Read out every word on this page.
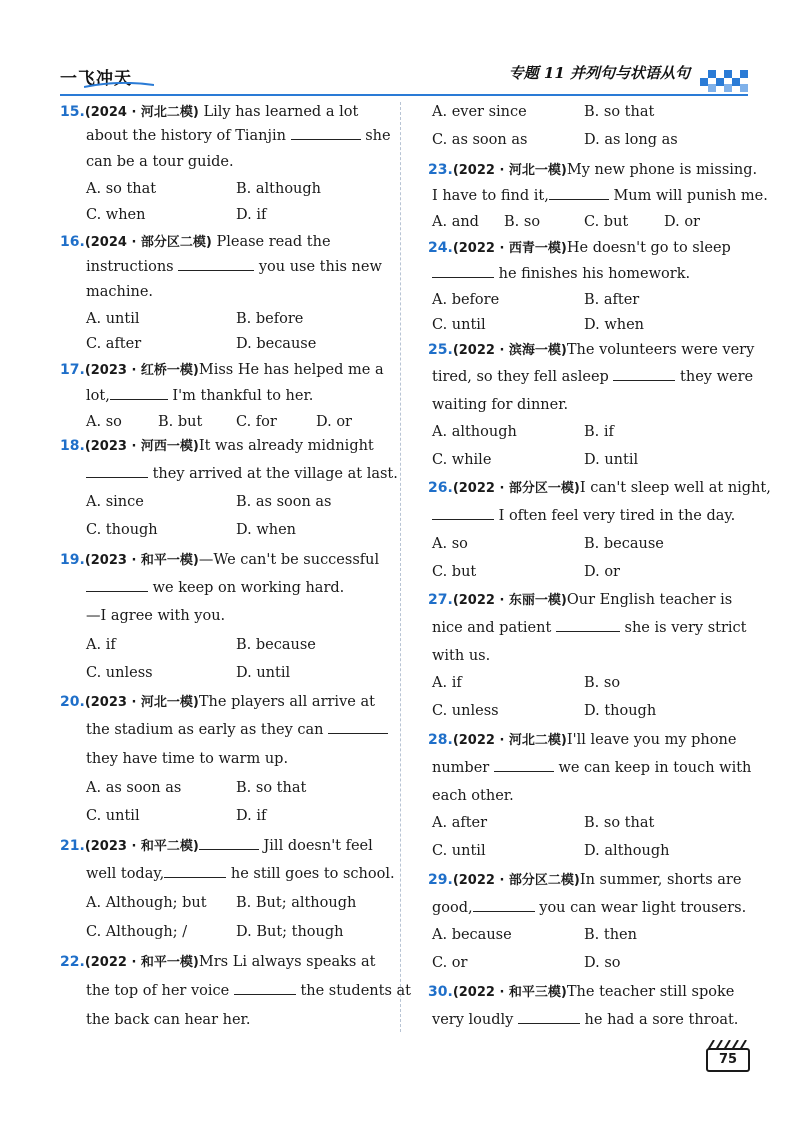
一飞冲天	专题 11 并列句与状语从句
15.(2024 · 河北二模) Lily has learned a lot
about the history of Tianjin	she
can be a tour guide.
A. so that	B. although
C. when	D. if
16.(2024 · 部分区二模) Please read the
instructions	you use this new
machine.
A. until	B. before
C. after	D. because
17.(2023 · 红桥一模)Miss He has helped me a
lot,	I'm thankful to her.
A. so B. but C. for	D. or
18.(2023 · 河西一模)It was already midnight
they arrived at the village at last.
A. since	B. as soon as
C. though	D. when
19.(2023 · 和平一模)—We can't be successful
we keep on working hard.
—I agree with you.
A. if	B. because
C. unless	D. until
20.(2023 · 河北一模)The players all arrive at
the stadium as early as they can
they have time to warm up.
A. as soon as	B. so that
C. until	D. if
21.(2023 · 和平二模)	Jill doesn't feel
well today,	he still goes to school.
A. Although; but B. But; although
C. Although; /	D. But; though
22.(2022 · 和平一模)Mrs Li always speaks at
the top of her voice	the students at
the back can hear her.
A. ever since	B. so that
C. as soon as	D. as long as
23.(2022 · 河北一模)My new phone is missing.
I have to find it,	Mum will punish me.
A. and B. so	C. but D. or
24.(2022 · 西青一模)He doesn't go to sleep
he finishes his homework.
A. before	B. after
C. until	D. when
25.(2022 · 滨海一模)The volunteers were very
tired, so they fell asleep	they were
waiting for dinner.
A. although	B. if
C. while	D. until
26.(2022 · 部分区一模)I can't sleep well at night,
I often feel very tired in the day.
A. so	B. because
C. but	D. or
27.(2022 · 东丽一模)Our English teacher is
nice and patient	she is very strict
with us.
A. if	B. so
C. unless	D. though
28.(2022 · 河北二模)I'll leave you my phone
number	we can keep in touch with
each other.
A. after	B. so that
C. until	D. although
29.(2022 · 部分区二模)In summer, shorts are
good,	you can wear light trousers.
A. because	B. then
C. or	D. so
30.(2022 · 和平三模)The teacher still spoke
very loudly	he had a sore throat.
75
